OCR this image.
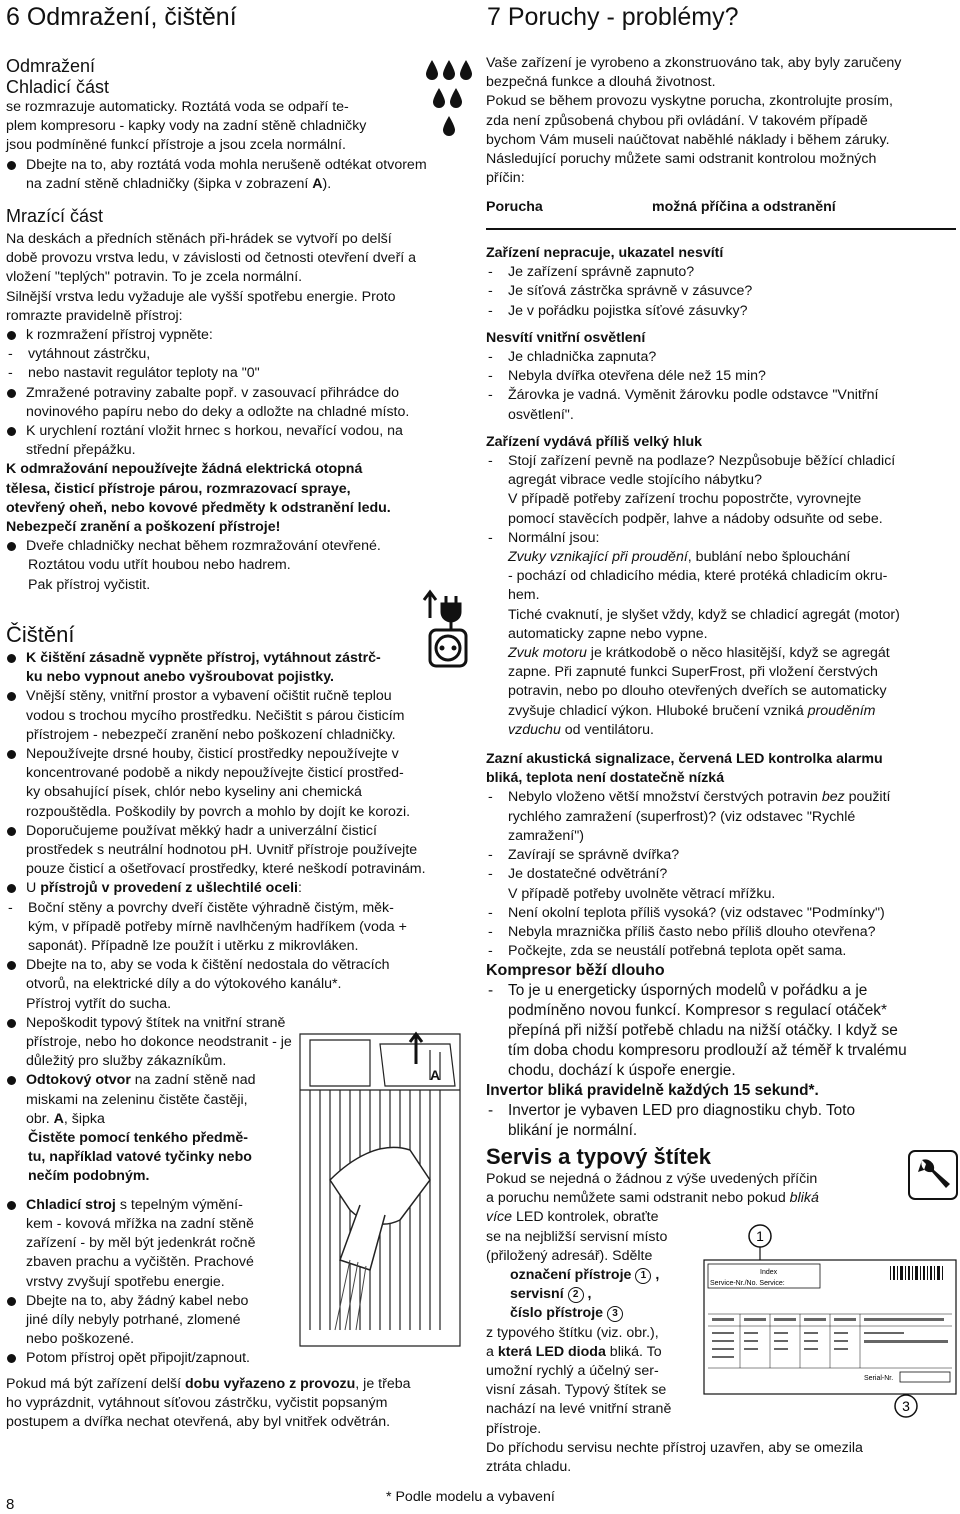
6 Odmražení, čištění	7 Poruchy - problémy?
Odmražení
Chladicí část
se rozmrazuje automaticky. Roztátá voda se odpaří te-
plem kompresoru - kapky vody na zadní stěně chladničky
jsou podmíněné funkcí přístroje a jsou zcela normální.
Dbejte na to, aby roztátá voda mohla nerušeně odtékat otvorem
na zadní stěně chladničky (šipka v zobrazení A).
Mrazící část
Na deskách a předních stěnách při-hrádek se vytvoří po delší
době provozu vrstva ledu, v závislosti od četnosti otevření dveří a
vložení "teplých" potravin. To je zcela normální.
Silnější vrstva ledu vyžaduje ale vyšší spotřebu energie. Proto
romrazte pravidelně přístroj:
k rozmražení přístroj vypněte:
- vytáhnout zástrčku,
- nebo nastavit regulátor teploty na "0"
Zmražené potraviny zabalte popř. v zasouvací přihrádce do
novinového papíru nebo do deky a odložte na chladné místo.
K urychlení roztání vložit hrnec s horkou, nevařící vodou, na
střední přepážku.
K odmražování nepoužívejte žádná elektrická otopná
tělesa, čisticí přístroje párou, rozmrazovací spraye,
otevřený oheň, nebo kovové předměty k odstranění ledu.
Nebezpečí zranění a poškození přístroje!
Dveře chladničky nechat během rozmražování otevřené.
Roztátou vodu utřít houbou nebo hadrem.
Pak přístroj vyčistit.
Čištění
K čištění zásadně vypněte přístroj, vytáhnout zástrč-
ku nebo vypnout anebo vyšroubovat pojistky.
Vnější stěny, vnitřní prostor a vybavení očištit ručně teplou
vodou s trochou mycího prostředku. Nečištit s párou čisticím
přístrojem - nebezpečí zranění nebo poškození chladničky.
Nepoužívejte drsné houby, čisticí prostředky nepoužívejte v
koncentrované podobě a nikdy nepoužívejte čisticí prostřed-
ky obsahující písek, chlór nebo kyseliny ani chemická
rozpouštědla. Poškodily by povrch a mohlo by dojít ke korozi.
Doporučujeme používat měkký hadr a univerzální čisticí
prostředek s neutrální hodnotou pH. Uvnitř přístroje používejte
pouze čisticí a ošetřovací prostředky, které neškodí potravinám.
U přístrojů v provedení z ušlechtilé oceli:
- Boční stěny a povrchy dveří čistěte výhradně čistým, měk-
kým, v případě potřeby mírně navlhčeným hadříkem (voda +
saponát). Případně lze použít i utěrku z mikrovláken.
Dbejte na to, aby se voda k čištění nedostala do větracích
otvorů, na elektrické díly a do výtokového kanálu*.
Přístroj vytřít do sucha.
Nepoškodit typový štítek na vnitřní straně
přístroje, nebo ho dokonce neodstranit - je
důležitý pro služby zákazníkům.
Odtokový otvor na zadní stěně nad
miskami na zeleninu čistěte častěji,
obr. A, šipka
Čistěte pomocí tenkého předmě-
tu, například vatové tyčinky nebo
nečím podobným.
Chladicí stroj s tepelným výmění-
kem - kovová mřížka na zadní stěně
zařízení - by měl být jedenkrát ročně
zbaven prachu a vyčištěn. Prachové
vrstvy zvyšují spotřebu energie.
Dbejte na to, aby žádný kabel nebo
jiné díly nebyly potrhané, zlomené
nebo poškozené.
Potom přístroj opět připojit/zapnout.
Pokud má být zařízení delší dobu vyřazeno z provozu, je třeba
ho vyprázdnit, vytáhnout síťovou zástrčku, vyčistit popsaným
postupem a dvířka nechat otevřená, aby byl vnitřek odvětrán.
A
Vaše zařízení je vyrobeno a zkonstruováno tak, aby byly zaručeny
bezpečná funkce a dlouhá životnost.
Pokud se během provozu vyskytne porucha, zkontrolujte prosím,
zda není způsobená chybou při ovládání. V takovém případě
bychom Vám museli naúčtovat naběhlé náklady i během záruky.
Následující poruchy můžete sami odstranit kontrolou možných
příčin:
Porucha	možná příčina a odstranění
Zařízení nepracuje, ukazatel nesvítí
- Je zařízení správně zapnuto?
- Je síťová zástrčka správně v zásuvce?
- Je v pořádku pojistka síťové zásuvky?
Nesvítí vnitřní osvětlení
- Je chladnička zapnuta?
- Nebyla dvířka otevřena déle než 15 min?
- Žárovka je vadná. Vyměnit žárovku podle odstavce "Vnitřní
osvětlení".
Zařízení vydává příliš velký hluk
- Stojí zařízení pevně na podlaze? Nezpůsobuje běžící chladicí
agregát vibrace vedle stojícího nábytku?
V případě potřeby zařízení trochu popostrčte, vyrovnejte
pomocí stavěcích podpěr, lahve a nádoby odsuňte od sebe.
- Normální jsou:
Zvuky vznikající při proudění, bublání nebo šplouchání
- pochází od chladicího média, které protéká chladicím okru-
hem.
Tiché cvaknutí, je slyšet vždy, když se chladicí agregát (motor)
automaticky zapne nebo vypne.
Zvuk motoru je krátkodobě o něco hlasitější, když se agregát
zapne. Při zapnuté funkci SuperFrost, při vložení čerstvých
potravin, nebo po dlouho otevřených dveřích se automaticky
zvyšuje chladicí výkon. Hluboké bručení vzniká prouděním
vzduchu od ventilátoru.
Zazní akustická signalizace, červená LED kontrolka alarmu
bliká, teplota není dostatečně nízká
- Nebylo vloženo větší množství čerstvých potravin bez použití
rychlého zamražení (superfrost)? (viz odstavec "Rychlé
zamražení")
- Zavírají se správně dvířka?
- Je dostatečné odvětrání?
V případě potřeby uvolněte větrací mřížku.
- Není okolní teplota příliš vysoká? (viz odstavec "Podmínky")
- Nebyla mraznička příliš často nebo příliš dlouho otevřena?
- Počkejte, zda se neustálí potřebná teplota opět sama.
Kompresor běží dlouho
- To je u energeticky úsporných modelů v pořádku a je
podmíněno novou funkcí. Kompresor s regulací otáček*
přepíná při nižší potřebě chladu na nižší otáčky. I když se
tím doba chodu kompresoru prodlouží až téměř k trvalému
chodu, dochází k úspoře energie.
Invertor bliká pravidelně každých 15 sekund*.
- Invertor je vybaven LED pro diagnostiku chyb. Toto
blikání je normální.
Servis a typový štítek
Pokud se nejedná o žádnou z výše uvedených příčin
a poruchu nemůžete sami odstranit nebo pokud bliká
více LED kontrolek, obraťte
se na nejbližší servisní místo
(přiložený adresář). Sdělte
označení přístroje 1 ,
servisní 2 ,
číslo přístroje 3
z typového štítku (viz. obr.),
a která LED dioda bliká. To
umožní rychlý a účelný ser-
visní zásah. Typový štítek se
nachází na levé vnitřní straně
přístroje.
Do příchodu servisu nechte přístroj uzavřen, aby se omezila
ztráta chladu.
1
3
Index
Service-Nr./No. Service:
Serial-Nr.
* Podle modelu a vybavení
8
